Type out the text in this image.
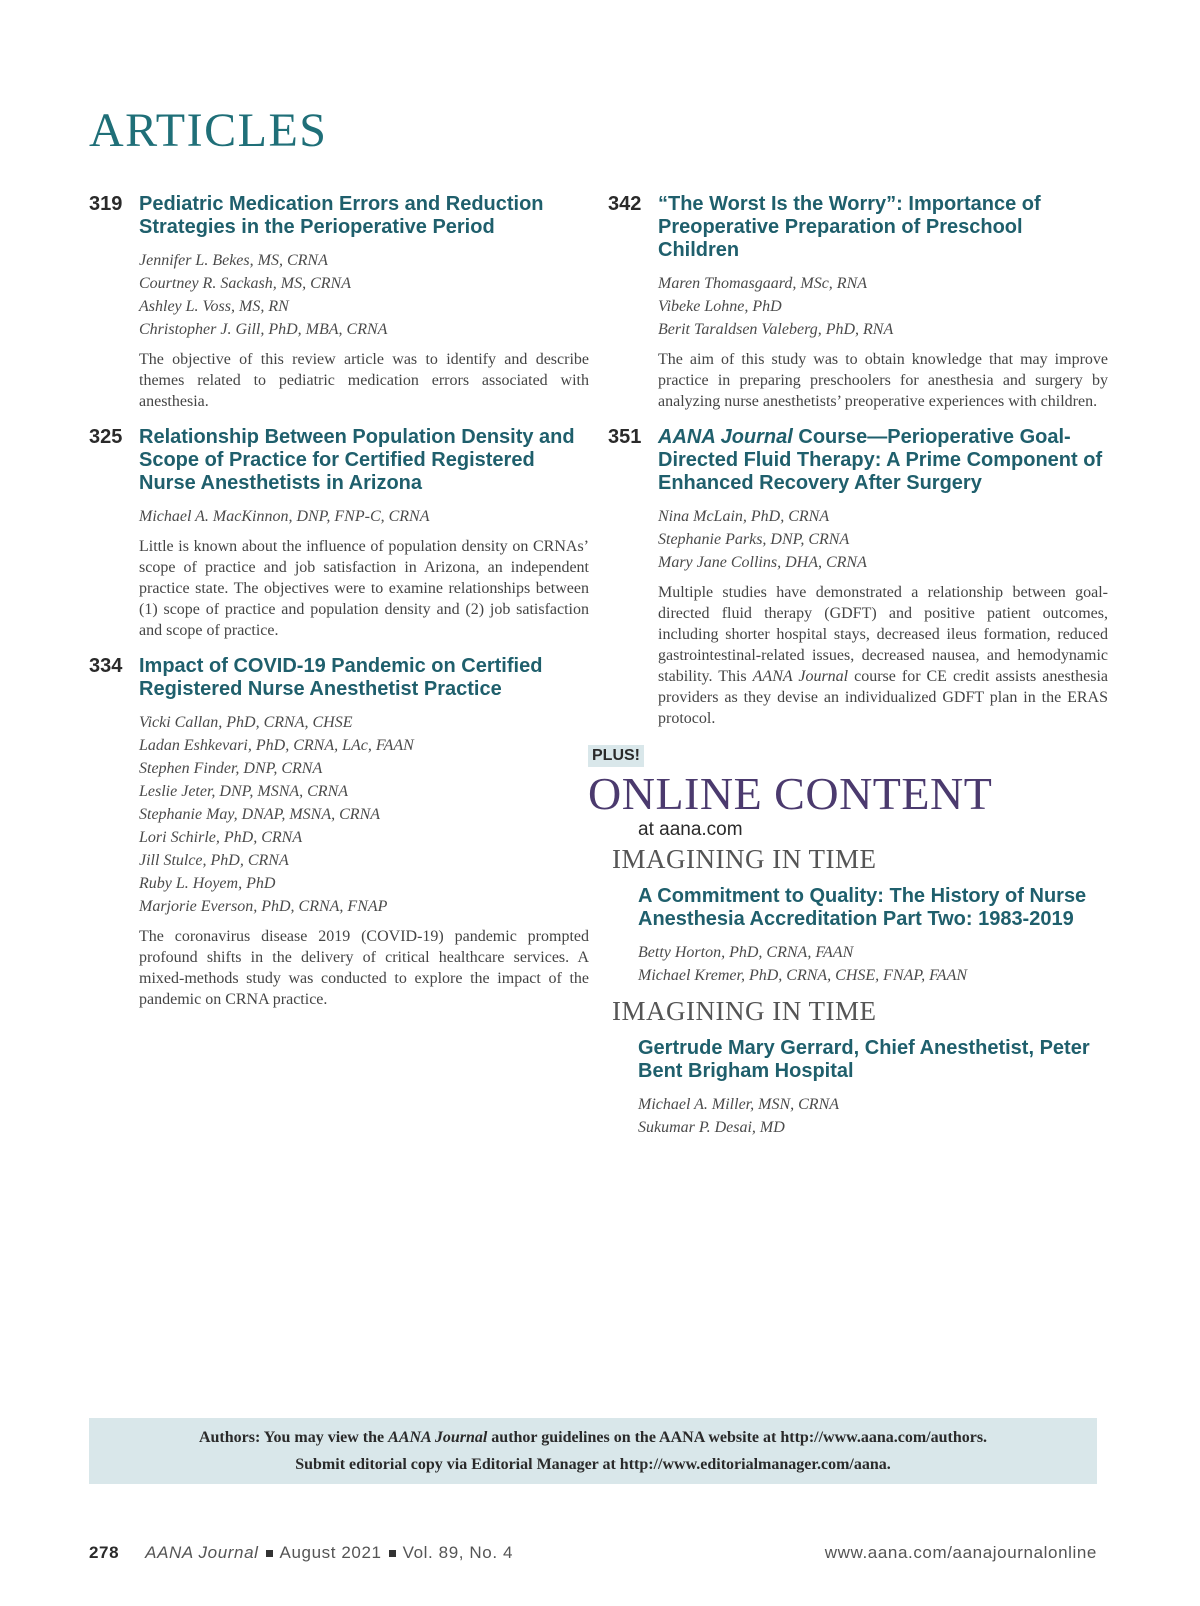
ARTICLES
319 Pediatric Medication Errors and Reduction Strategies in the Perioperative Period
Jennifer L. Bekes, MS, CRNA
Courtney R. Sackash, MS, CRNA
Ashley L. Voss, MS, RN
Christopher J. Gill, PhD, MBA, CRNA

The objective of this review article was to identify and describe themes related to pediatric medication errors associated with anesthesia.

325 Relationship Between Population Density and Scope of Practice for Certified Registered Nurse Anesthetists in Arizona
Michael A. MacKinnon, DNP, FNP-C, CRNA

Little is known about the influence of population density on CRNAs’ scope of practice and job satisfaction in Arizona, an independent practice state. The objectives were to examine relationships between (1) scope of practice and population density and (2) job satisfaction and scope of practice.

334 Impact of COVID-19 Pandemic on Certified Registered Nurse Anesthetist Practice
Vicki Callan, PhD, CRNA, CHSE
Ladan Eshkevari, PhD, CRNA, LAc, FAAN
Stephen Finder, DNP, CRNA
Leslie Jeter, DNP, MSNA, CRNA
Stephanie May, DNAP, MSNA, CRNA
Lori Schirle, PhD, CRNA
Jill Stulce, PhD, CRNA
Ruby L. Hoyem, PhD
Marjorie Everson, PhD, CRNA, FNAP

The coronavirus disease 2019 (COVID-19) pandemic prompted profound shifts in the delivery of critical healthcare services. A mixed-methods study was conducted to explore the impact of the pandemic on CRNA practice.

342 “The Worst Is the Worry”: Importance of Preoperative Preparation of Preschool Children
Maren Thomasgaard, MSc, RNA
Vibeke Lohne, PhD
Berit Taraldsen Valeberg, PhD, RNA

The aim of this study was to obtain knowledge that may improve practice in preparing preschoolers for anesthesia and surgery by analyzing nurse anesthetists’ preoperative experiences with children.

351 AANA Journal Course—Perioperative Goal-Directed Fluid Therapy: A Prime Component of Enhanced Recovery After Surgery
Nina McLain, PhD, CRNA
Stephanie Parks, DNP, CRNA
Mary Jane Collins, DHA, CRNA

Multiple studies have demonstrated a relationship between goal-directed fluid therapy (GDFT) and positive patient outcomes, including shorter hospital stays, decreased ileus formation, reduced gastrointestinal-related issues, decreased nausea, and hemodynamic stability. This AANA Journal course for CE credit assists anesthesia providers as they devise an individualized GDFT plan in the ERAS protocol.

PLUS!
ONLINE CONTENT
at aana.com
IMAGINING IN TIME
A Commitment to Quality: The History of Nurse Anesthesia Accreditation Part Two: 1983-2019
Betty Horton, PhD, CRNA, FAAN
Michael Kremer, PhD, CRNA, CHSE, FNAP, FAAN
IMAGINING IN TIME
Gertrude Mary Gerrard, Chief Anesthetist, Peter Bent Brigham Hospital
Michael A. Miller, MSN, CRNA
Sukumar P. Desai, MD
Authors: You may view the AANA Journal author guidelines on the AANA website at http://www.aana.com/authors.
Submit editorial copy via Editorial Manager at http://www.editorialmanager.com/aana.
278 AANA Journal August 2021 Vol. 89, No. 4	www.aana.com/aanajournalonline
